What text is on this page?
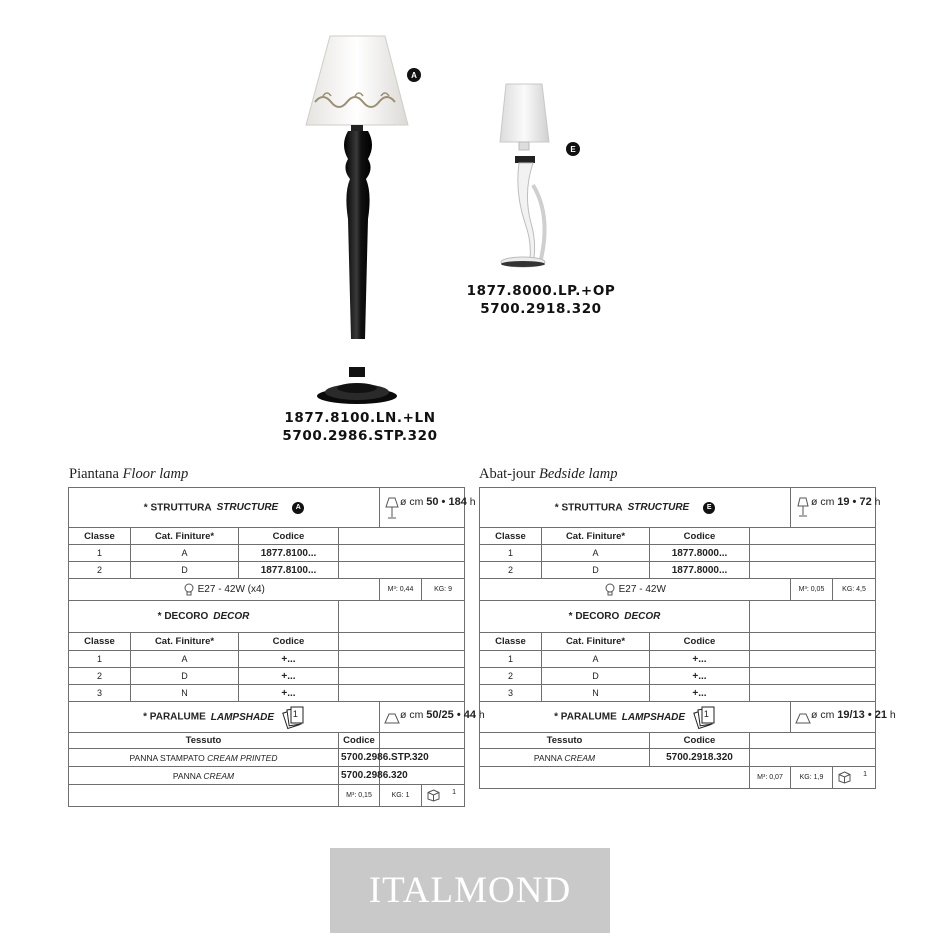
A
1877.8100.LN.+LN
5700.2986.STP.320
E
1877.8000.LP.+OP
5700.2918.320
Piantana Floor lamp	Abat-jour Bedside lamp
* STRUTTURA STRUCTURE A				ø cm 50 • 184 h		
Classe	Cat. Finiture*	Codice				
1	A	1877.8100...				
2	D	1877.8100...				
E27 - 42W (x4)				M³: 0,44	KG: 9	

* DECORO DECOR						
Classe	Cat. Finiture*	Codice				
1	A	+...				
2	D	+...				
3	N	+...				
* PARALUME LAMPSHADE 1				ø cm 50/25 • 44 h		
Tessuto			Codice			
PANNA STAMPATO CREAM PRINTED			5700.2986.STP.320			
PANNA CREAM			5700.2986.320			
			M³: 0,15	KG: 1	1	
* STRUTTURA STRUCTURE E				ø cm 19 • 72 h		
Classe	Cat. Finiture*	Codice				
1	A	1877.8000...				
2	D	1877.8000...				
E27 - 42W				M³: 0,05	KG: 4,5	

* DECORO DECOR						
Classe	Cat. Finiture*	Codice				
1	A	+...				
2	D	+...				
3	N	+...				
* PARALUME LAMPSHADE 1				ø cm 19/13 • 21 h		
Tessuto		Codice				
PANNA CREAM		5700.2918.320				
			M³: 0,07	KG: 1,9	1	
ITALMOND
